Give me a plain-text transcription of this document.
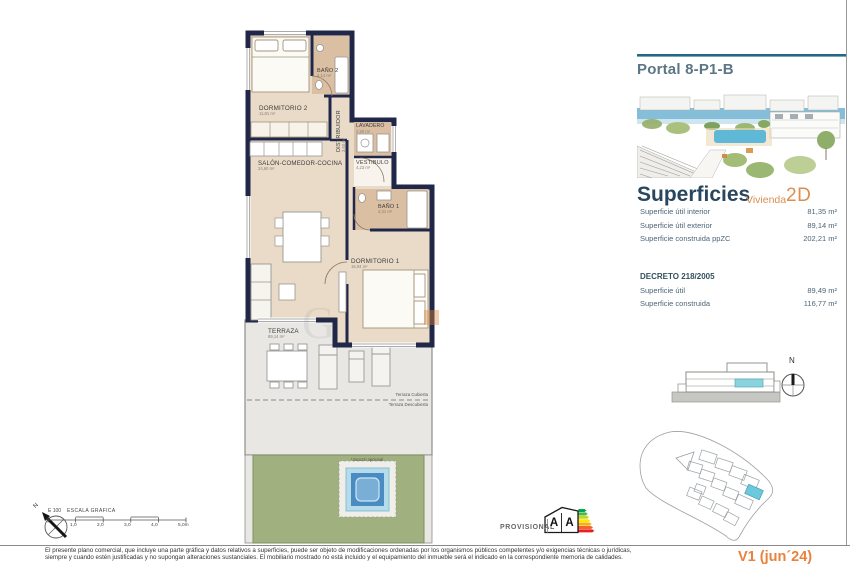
G
DORMITORIO 2
11,81 m²
BAÑO 2
4,14 m²
DISTRIBUIDOR 3,60 m²
LAVADERO
2,50 m²
VESTIBULO
4,23 m²
SALÓN-COMEDOR-COCINA
24,60 m²
BAÑO 1
4,31 m²
DORMITORIO 1
15,04 m²
TERRAZA
89,14 m²
Terraza Cubierta
Terraza Descubierta
*Jacuzzi opcional
Portal 8-P1-B
Superficies
Vivienda 2D
Superficie útil interior	81,35 m²
Superficie útil exterior	89,14 m²
Superficie construida ppZC	202,21 m²
DECRETO 218/2005
Superficie útil	89,49 m²
Superficie construida	116,77 m²
N
V1 (jun´24)
N
E 100 ESCALA GRAFICA
1,0	2,0	3,0	4,0	5,0m	PROVISIONAL
A A
El presente plano comercial, que incluye una parte gráfica y datos relativos a superficies, puede ser objeto de modificaciones ordenadas por los organismos públicos competentes y/o exigencias técnicas o jurídicas, siempre y cuando estén justificadas y no supongan alteraciones sustanciales. El mobiliario mostrado no está incluido y el equipamiento del inmueble será el indicado en la correspondiente memoria de calidades.
